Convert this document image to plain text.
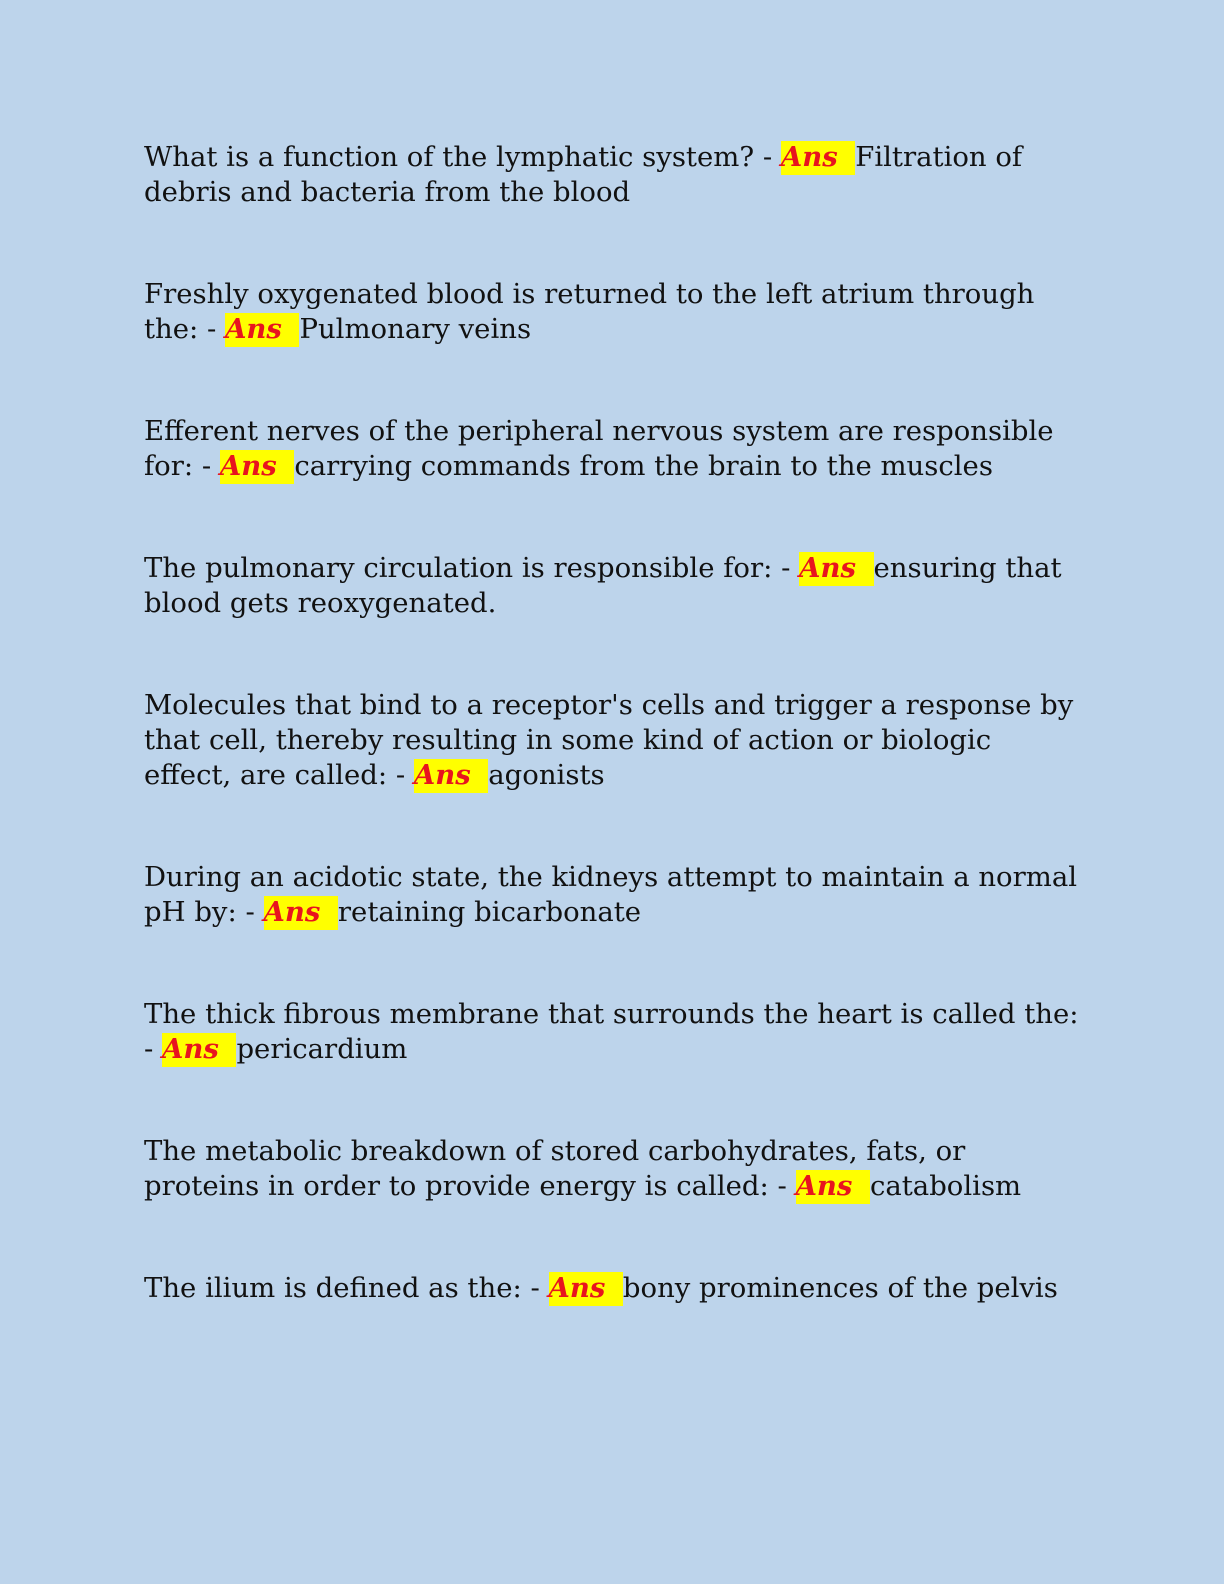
What is a function of the lymphatic system? - Ans Filtration of debris and bacteria from the blood

Freshly oxygenated blood is returned to the left atrium through the: - Ans Pulmonary veins

Efferent nerves of the peripheral nervous system are responsible for: - Ans carrying commands from the brain to the muscles

The pulmonary circulation is responsible for: - Ans ensuring that blood gets reoxygenated.

Molecules that bind to a receptor's cells and trigger a response by that cell, thereby resulting in some kind of action or biologic effect, are called: - Ans agonists

During an acidotic state, the kidneys attempt to maintain a normal pH by: - Ans retaining bicarbonate

The thick fibrous membrane that surrounds the heart is called the: - Ans pericardium

The metabolic breakdown of stored carbohydrates, fats, or proteins in order to provide energy is called: - Ans catabolism

The ilium is defined as the: - Ans bony prominences of the pelvis
